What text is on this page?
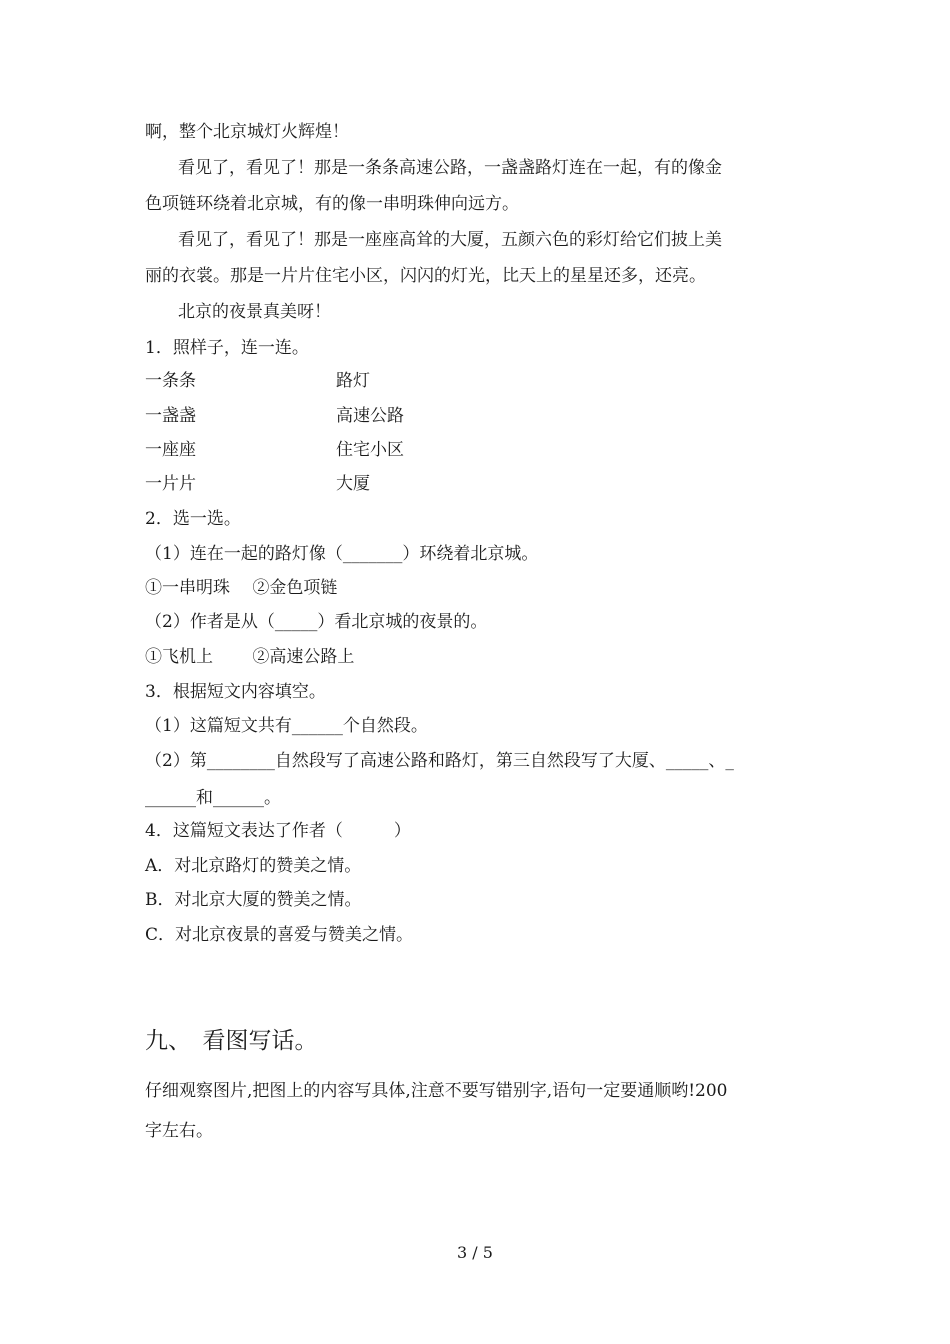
啊，整个北京城灯火辉煌！
看见了，看见了！那是一条条高速公路，一盏盏路灯连在一起，有的像金
色项链环绕着北京城，有的像一串明珠伸向远方。
看见了，看见了！那是一座座高耸的大厦，五颜六色的彩灯给它们披上美
丽的衣裳。那是一片片住宅小区，闪闪的灯光，比天上的星星还多，还亮。
北京的夜景真美呀！
1．照样子，连一连。
一条条	路灯
一盏盏	高速公路
一座座	住宅小区
一片片	大厦
2．选一选。
（1）连在一起的路灯像（_______）环绕着北京城。
①一串明珠 　②金色项链
（2）作者是从（_____）看北京城的夜景的。
①飞机上 　　②高速公路上
3．根据短文内容填空。
（1）这篇短文共有______个自然段。
（2）第________自然段写了高速公路和路灯，第三自然段写了大厦、_____、_
______和______。
4．这篇短文表达了作者（　　　）
A．对北京路灯的赞美之情。
B．对北京大厦的赞美之情。
C．对北京夜景的喜爱与赞美之情。
九、　看图写话。
仔细观察图片,把图上的内容写具体,注意不要写错别字,语句一定要通顺哟!200
字左右。
3 / 5
